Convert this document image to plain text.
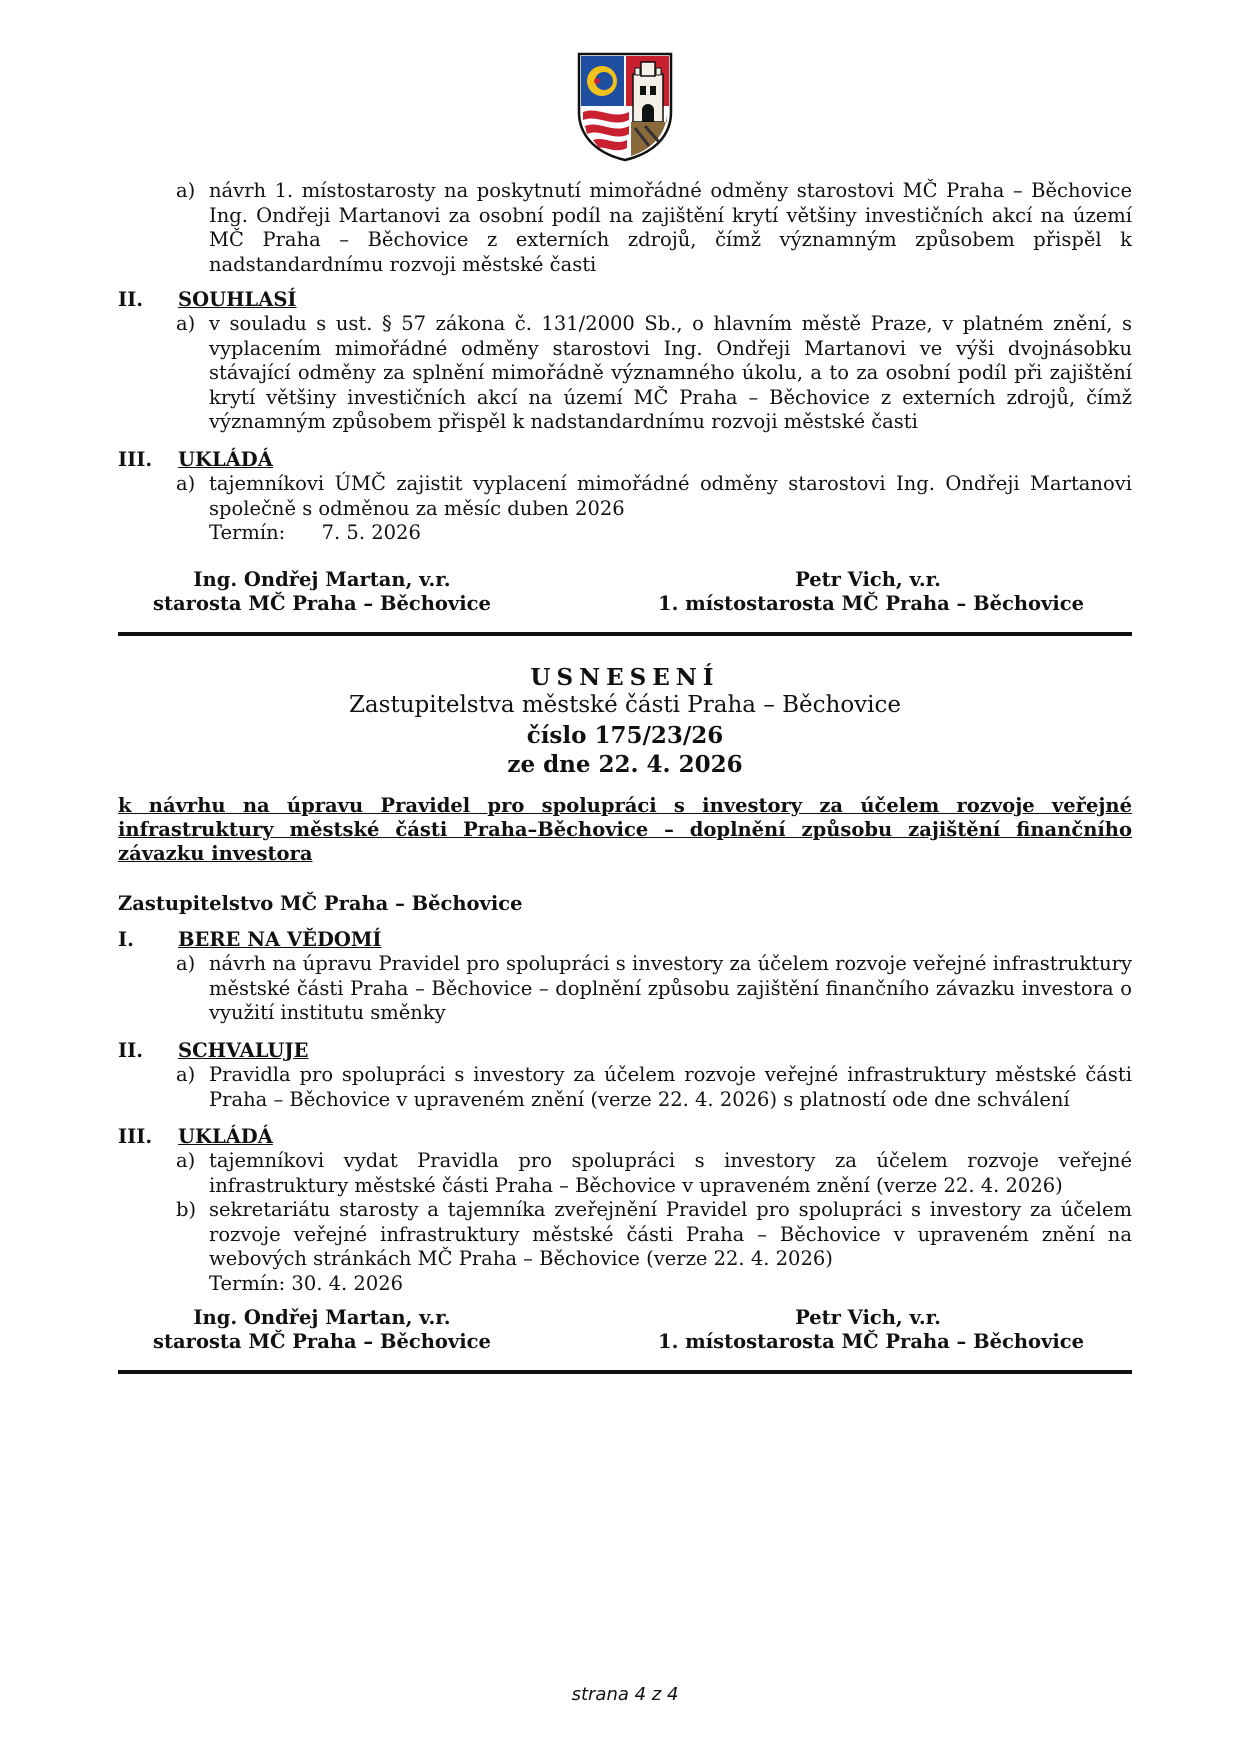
a) návrh 1. místostarosty na poskytnutí mimořádné odměny starostovi MČ Praha – Běchovice Ing. Ondřeji Martanovi za osobní podíl na zajištění krytí většiny investičních akcí na území MČ Praha – Běchovice z externích zdrojů, čímž významným způsobem přispěl k nadstandardnímu rozvoji městské časti
II.	SOUHLASÍ
a) v souladu s ust. § 57 zákona č. 131/2000 Sb., o hlavním městě Praze, v platném znění, s vyplacením mimořádné odměny starostovi Ing. Ondřeji Martanovi ve výši dvojnásobku stávající odměny za splnění mimořádně významného úkolu, a to za osobní podíl při zajištění krytí většiny investičních akcí na území MČ Praha – Běchovice z externích zdrojů, čímž významným způsobem přispěl k nadstandardnímu rozvoji městské časti
III.	UKLÁDÁ
a) tajemníkovi ÚMČ zajistit vyplacení mimořádné odměny starostovi Ing. Ondřeji Martanovi společně s odměnou za měsíc duben 2026
Termín: 7. 5. 2026
Ing. Ondřej Martan, v.r.
starosta MČ Praha – Běchovice
Petr Vich, v.r.
1. místostarosta MČ Praha – Běchovice
USNESENÍ
Zastupitelstva městské části Praha – Běchovice
číslo 175/23/26
ze dne 22. 4. 2026
k návrhu na úpravu Pravidel pro spolupráci s investory za účelem rozvoje veřejné infrastruktury městské části Praha–Běchovice – doplnění způsobu zajištění finančního závazku investora
Zastupitelstvo MČ Praha – Běchovice
I.	BERE NA VĚDOMÍ
a) návrh na úpravu Pravidel pro spolupráci s investory za účelem rozvoje veřejné infrastruktury městské části Praha – Běchovice – doplnění způsobu zajištění finančního závazku investora o využití institutu směnky
II.	SCHVALUJE
a) Pravidla pro spolupráci s investory za účelem rozvoje veřejné infrastruktury městské části Praha – Běchovice v upraveném znění (verze 22. 4. 2026) s platností ode dne schválení
III.	UKLÁDÁ
a) tajemníkovi vydat Pravidla pro spolupráci s investory za účelem rozvoje veřejné infrastruktury městské části Praha – Běchovice v upraveném znění (verze 22. 4. 2026)
b) sekretariátu starosty a tajemníka zveřejnění Pravidel pro spolupráci s investory za účelem rozvoje veřejné infrastruktury městské části Praha – Běchovice v upraveném znění na webových stránkách MČ Praha – Běchovice (verze 22. 4. 2026)
Termín: 30. 4. 2026
Ing. Ondřej Martan, v.r.
starosta MČ Praha – Běchovice
Petr Vich, v.r.
1. místostarosta MČ Praha – Běchovice
strana 4 z 4
